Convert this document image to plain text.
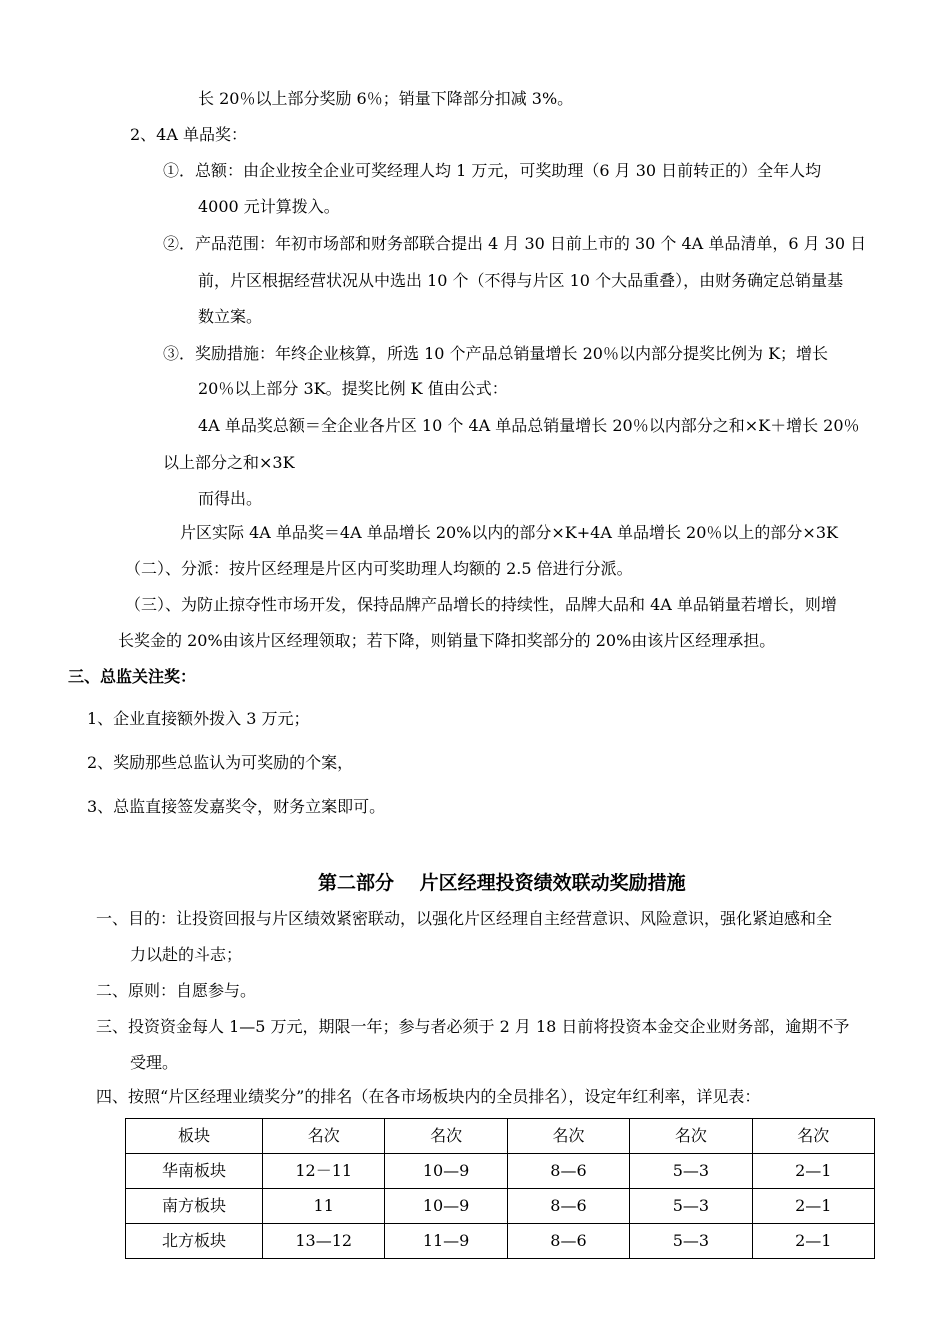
长 20％以上部分奖励 6％；销量下降部分扣减 3%。
2、4A 单品奖：
①．总额：由企业按全企业可奖经理人均 1 万元，可奖助理（6 月 30 日前转正的）全年人均
4000 元计算拨入。
②．产品范围：年初市场部和财务部联合提出 4 月 30 日前上市的 30 个 4A 单品清单，6 月 30 日
前，片区根据经营状况从中选出 10 个（不得与片区 10 个大品重叠），由财务确定总销量基
数立案。
③．奖励措施：年终企业核算，所选 10 个产品总销量增长 20％以内部分提奖比例为 K；增长
20％以上部分 3K。提奖比例 K 值由公式：
4A 单品奖总额＝全企业各片区 10 个 4A 单品总销量增长 20％以内部分之和×K＋增长 20％
以上部分之和×3K
而得出。
片区实际 4A 单品奖＝4A 单品增长 20%以内的部分×K+4A 单品增长 20％以上的部分×3K
（二）、分派：按片区经理是片区内可奖助理人均额的 2.5 倍进行分派。
（三）、为防止掠夺性市场开发，保持品牌产品增长的持续性，品牌大品和 4A 单品销量若增长，则增
长奖金的 20%由该片区经理领取；若下降，则销量下降扣奖部分的 20%由该片区经理承担。
三、总监关注奖：
1、企业直接额外拨入 3 万元；
2、奖励那些总监认为可奖励的个案，
3、总监直接签发嘉奖令，财务立案即可。
第二部分　 片区经理投资绩效联动奖励措施
一、目的：让投资回报与片区绩效紧密联动，以强化片区经理自主经营意识、风险意识，强化紧迫感和全
力以赴的斗志；
二、原则：自愿参与。
三、投资资金每人 1—5 万元，期限一年；参与者必须于 2 月 18 日前将投资本金交企业财务部，逾期不予
受理。
四、按照“片区经理业绩奖分”的排名（在各市场板块内的全员排名），设定年红利率，详见表：
板块	名次	名次	名次	名次	名次
华南板块	12－11	10—9	8—6	5—3	2—1
南方板块	11	10—9	8—6	5—3	2—1
北方板块	13—12	11—9	8—6	5—3	2—1
